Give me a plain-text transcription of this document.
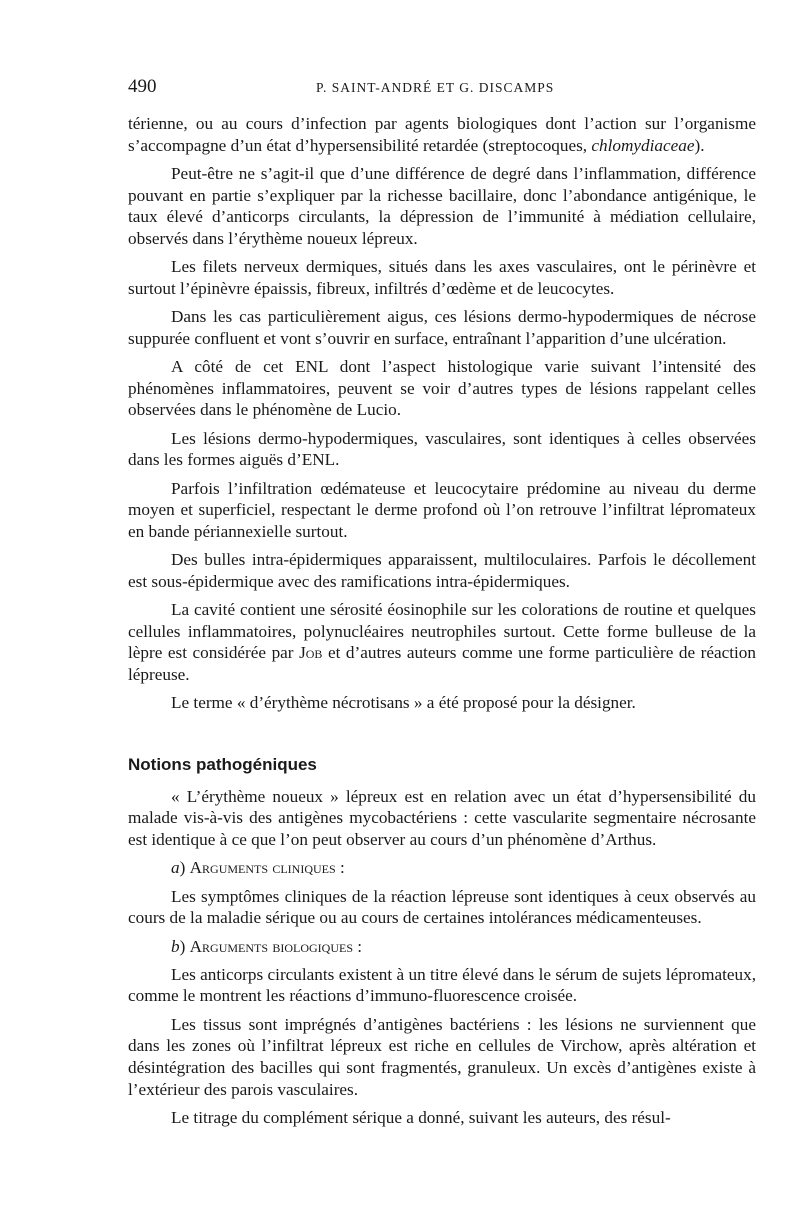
490	P. SAINT-ANDRÉ ET G. DISCAMPS

térienne, ou au cours d’infection par agents biologiques dont l’action sur l’organisme s’accompagne d’un état d’hypersensibilité retardée (streptocoques, chlomydiaceae).

Peut-être ne s’agit-il que d’une différence de degré dans l’inflammation, différence pouvant en partie s’expliquer par la richesse bacillaire, donc l’abondance antigénique, le taux élevé d’anticorps circulants, la dépression de l’immunité à médiation cellulaire, observés dans l’érythème noueux lépreux.

Les filets nerveux dermiques, situés dans les axes vasculaires, ont le périnèvre et surtout l’épinèvre épaissis, fibreux, infiltrés d’œdème et de leucocytes.

Dans les cas particulièrement aigus, ces lésions dermo-hypodermiques de nécrose suppurée confluent et vont s’ouvrir en surface, entraînant l’apparition d’une ulcération.

A côté de cet ENL dont l’aspect histologique varie suivant l’intensité des phénomènes inflammatoires, peuvent se voir d’autres types de lésions rappelant celles observées dans le phénomène de Lucio.

Les lésions dermo-hypodermiques, vasculaires, sont identiques à celles observées dans les formes aiguës d’ENL.

Parfois l’infiltration œdémateuse et leucocytaire prédomine au niveau du derme moyen et superficiel, respectant le derme profond où l’on retrouve l’infiltrat lépromateux en bande périannexielle surtout.

Des bulles intra-épidermiques apparaissent, multiloculaires. Parfois le décollement est sous-épidermique avec des ramifications intra-épidermiques.

La cavité contient une sérosité éosinophile sur les colorations de routine et quelques cellules inflammatoires, polynucléaires neutrophiles surtout. Cette forme bulleuse de la lèpre est considérée par Job et d’autres auteurs comme une forme particulière de réaction lépreuse.

Le terme « d’érythème nécrotisans » a été proposé pour la désigner.

Notions pathogéniques

« L’érythème noueux » lépreux est en relation avec un état d’hypersensibilité du malade vis-à-vis des antigènes mycobactériens : cette vascularite segmentaire nécrosante est identique à ce que l’on peut observer au cours d’un phénomène d’Arthus.

a) Arguments cliniques :

Les symptômes cliniques de la réaction lépreuse sont identiques à ceux observés au cours de la maladie sérique ou au cours de certaines intolérances médicamenteuses.

b) Arguments biologiques :

Les anticorps circulants existent à un titre élevé dans le sérum de sujets lépromateux, comme le montrent les réactions d’immuno-fluorescence croisée.

Les tissus sont imprégnés d’antigènes bactériens : les lésions ne surviennent que dans les zones où l’infiltrat lépreux est riche en cellules de Virchow, après altération et désintégration des bacilles qui sont fragmentés, granuleux. Un excès d’antigènes existe à l’extérieur des parois vasculaires.

Le titrage du complément sérique a donné, suivant les auteurs, des résul-
